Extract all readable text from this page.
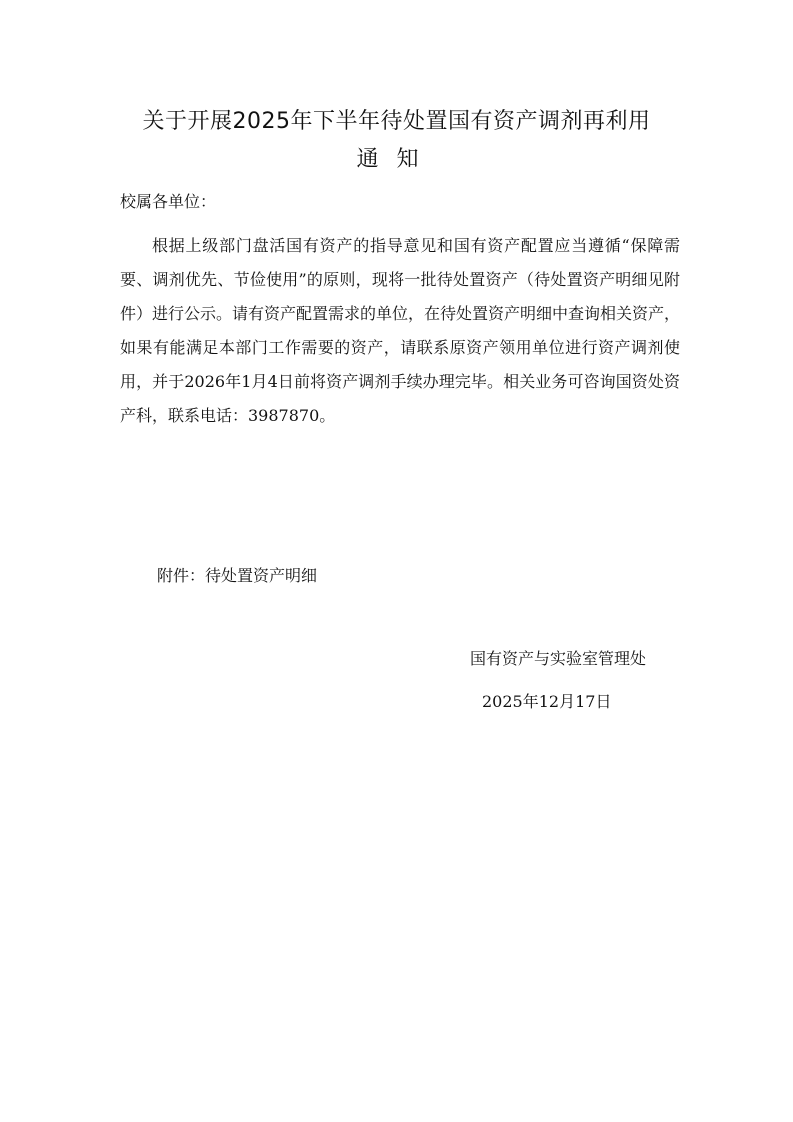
关于开展2025年下半年待处置国有资产调剂再利用
通知

校属各单位：

根据上级部门盘活国有资产的指导意见和国有资产配置应当遵循“保障需要、调剂优先、节俭使用”的原则，现将一批待处置资产（待处置资产明细见附件）进行公示。请有资产配置需求的单位，在待处置资产明细中查询相关资产，如果有能满足本部门工作需要的资产，请联系原资产领用单位进行资产调剂使用，并于2026年1月4日前将资产调剂手续办理完毕。相关业务可咨询国资处资产科，联系电话：3987870。

附件：待处置资产明细

国有资产与实验室管理处

2025年12月17日
